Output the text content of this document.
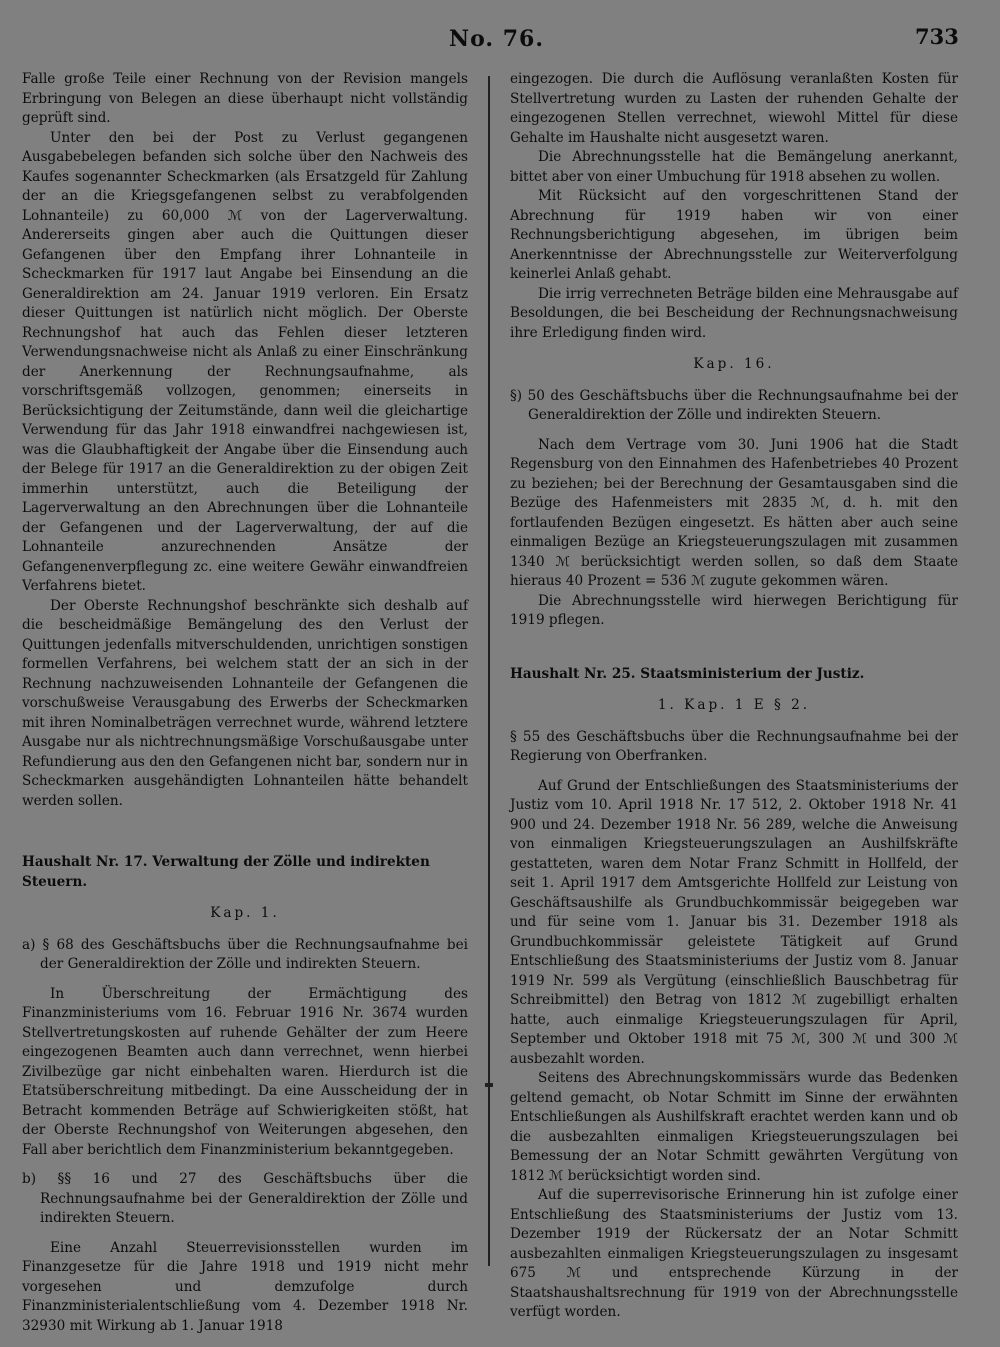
No. 76.	733

Falle große Teile einer Rechnung von der Revision mangels Erbringung von Belegen an diese überhaupt nicht vollständig geprüft sind.

Unter den bei der Post zu Verlust gegangenen Ausgabebelegen befanden sich solche über den Nachweis des Kaufes sogenannter Scheckmarken (als Ersatzgeld für Zahlung der an die Kriegsgefangenen selbst zu verabfolgenden Lohnanteile) zu 60,000 ℳ von der Lagerverwaltung. Andererseits gingen aber auch die Quittungen dieser Gefangenen über den Empfang ihrer Lohnanteile in Scheckmarken für 1917 laut Angabe bei Einsendung an die Generaldirektion am 24. Januar 1919 verloren. Ein Ersatz dieser Quittungen ist natürlich nicht möglich. Der Oberste Rechnungshof hat auch das Fehlen dieser letzteren Verwendungsnachweise nicht als Anlaß zu einer Einschränkung der Anerkennung der Rechnungsaufnahme, als vorschriftsgemäß vollzogen, genommen; einerseits in Berücksichtigung der Zeitumstände, dann weil die gleichartige Verwendung für das Jahr 1918 einwandfrei nachgewiesen ist, was die Glaubhaftigkeit der Angabe über die Einsendung auch der Belege für 1917 an die Generaldirektion zu der obigen Zeit immerhin unterstützt, auch die Beteiligung der Lagerverwaltung an den Abrechnungen über die Lohnanteile der Gefangenen und der Lagerverwaltung, der auf die Lohnanteile anzurechnenden Ansätze der Gefangenenverpflegung zc. eine weitere Gewähr einwandfreien Verfahrens bietet.

Der Oberste Rechnungshof beschränkte sich deshalb auf die bescheidmäßige Bemängelung des den Verlust der Quittungen jedenfalls mitverschuldenden, unrichtigen sonstigen formellen Verfahrens, bei welchem statt der an sich in der Rechnung nachzuweisenden Lohnanteile der Gefangenen die vorschußweise Verausgabung des Erwerbs der Scheckmarken mit ihren Nominalbeträgen verrechnet wurde, während letztere Ausgabe nur als nichtrechnungsmäßige Vorschußausgabe unter Refundierung aus den den Gefangenen nicht bar, sondern nur in Scheckmarken ausgehändigten Lohnanteilen hätte behandelt werden sollen.

Haushalt Nr. 17. Verwaltung der Zölle und indirekten Steuern.

Kap. 1.

a) § 68 des Geschäftsbuchs über die Rechnungsaufnahme bei der Generaldirektion der Zölle und indirekten Steuern.

In Überschreitung der Ermächtigung des Finanzministeriums vom 16. Februar 1916 Nr. 3674 wurden Stellvertretungskosten auf ruhende Gehälter der zum Heere eingezogenen Beamten auch dann verrechnet, wenn hierbei Zivilbezüge gar nicht einbehalten waren. Hierdurch ist die Etatsüberschreitung mitbedingt. Da eine Ausscheidung der in Betracht kommenden Beträge auf Schwierigkeiten stößt, hat der Oberste Rechnungshof von Weiterungen abgesehen, den Fall aber berichtlich dem Finanzministerium bekanntgegeben.

b) §§ 16 und 27 des Geschäftsbuchs über die Rechnungsaufnahme bei der Generaldirektion der Zölle und indirekten Steuern.

Eine Anzahl Steuerrevisionsstellen wurden im Finanzgesetze für die Jahre 1918 und 1919 nicht mehr vorgesehen und demzufolge durch Finanzministerialentschließung vom 4. Dezember 1918 Nr. 32930 mit Wirkung ab 1. Januar 1918

eingezogen. Die durch die Auflösung veranlaßten Kosten für Stellvertretung wurden zu Lasten der ruhenden Gehalte der eingezogenen Stellen verrechnet, wiewohl Mittel für diese Gehalte im Haushalte nicht ausgesetzt waren.

Die Abrechnungsstelle hat die Bemängelung anerkannt, bittet aber von einer Umbuchung für 1918 absehen zu wollen.

Mit Rücksicht auf den vorgeschrittenen Stand der Abrechnung für 1919 haben wir von einer Rechnungsberichtigung abgesehen, im übrigen beim Anerkenntnisse der Abrechnungsstelle zur Weiterverfolgung keinerlei Anlaß gehabt.

Die irrig verrechneten Beträge bilden eine Mehrausgabe auf Besoldungen, die bei Bescheidung der Rechnungsnachweisung ihre Erledigung finden wird.

Kap. 16.

§) 50 des Geschäftsbuchs über die Rechnungsaufnahme bei der Generaldirektion der Zölle und indirekten Steuern.

Nach dem Vertrage vom 30. Juni 1906 hat die Stadt Regensburg von den Einnahmen des Hafenbetriebes 40 Prozent zu beziehen; bei der Berechnung der Gesamtausgaben sind die Bezüge des Hafenmeisters mit 2835 ℳ, d. h. mit den fortlaufenden Bezügen eingesetzt. Es hätten aber auch seine einmaligen Bezüge an Kriegsteuerungszulagen mit zusammen 1340 ℳ berücksichtigt werden sollen, so daß dem Staate hieraus 40 Prozent = 536 ℳ zugute gekommen wären.

Die Abrechnungsstelle wird hierwegen Berichtigung für 1919 pflegen.

Haushalt Nr. 25. Staatsministerium der Justiz.

1. Kap. 1 E § 2.

§ 55 des Geschäftsbuchs über die Rechnungsaufnahme bei der Regierung von Oberfranken.

Auf Grund der Entschließungen des Staatsministeriums der Justiz vom 10. April 1918 Nr. 17 512, 2. Oktober 1918 Nr. 41 900 und 24. Dezember 1918 Nr. 56 289, welche die Anweisung von einmaligen Kriegsteuerungszulagen an Aushilfskräfte gestatteten, waren dem Notar Franz Schmitt in Hollfeld, der seit 1. April 1917 dem Amtsgerichte Hollfeld zur Leistung von Geschäftsaushilfe als Grundbuchkommissär beigegeben war und für seine vom 1. Januar bis 31. Dezember 1918 als Grundbuchkommissär geleistete Tätigkeit auf Grund Entschließung des Staatsministeriums der Justiz vom 8. Januar 1919 Nr. 599 als Vergütung (einschließlich Bauschbetrag für Schreibmittel) den Betrag von 1812 ℳ zugebilligt erhalten hatte, auch einmalige Kriegsteuerungszulagen für April, September und Oktober 1918 mit 75 ℳ, 300 ℳ und 300 ℳ ausbezahlt worden.

Seitens des Abrechnungskommissärs wurde das Bedenken geltend gemacht, ob Notar Schmitt im Sinne der erwähnten Entschließungen als Aushilfskraft erachtet werden kann und ob die ausbezahlten einmaligen Kriegsteuerungszulagen bei Bemessung der an Notar Schmitt gewährten Vergütung von 1812 ℳ berücksichtigt worden sind.

Auf die superrevisorische Erinnerung hin ist zufolge einer Entschließung des Staatsministeriums der Justiz vom 13. Dezember 1919 der Rückersatz der an Notar Schmitt ausbezahlten einmaligen Kriegsteuerungszulagen zu insgesamt 675 ℳ und entsprechende Kürzung in der Staatshaushaltsrechnung für 1919 von der Abrechnungsstelle verfügt worden.
